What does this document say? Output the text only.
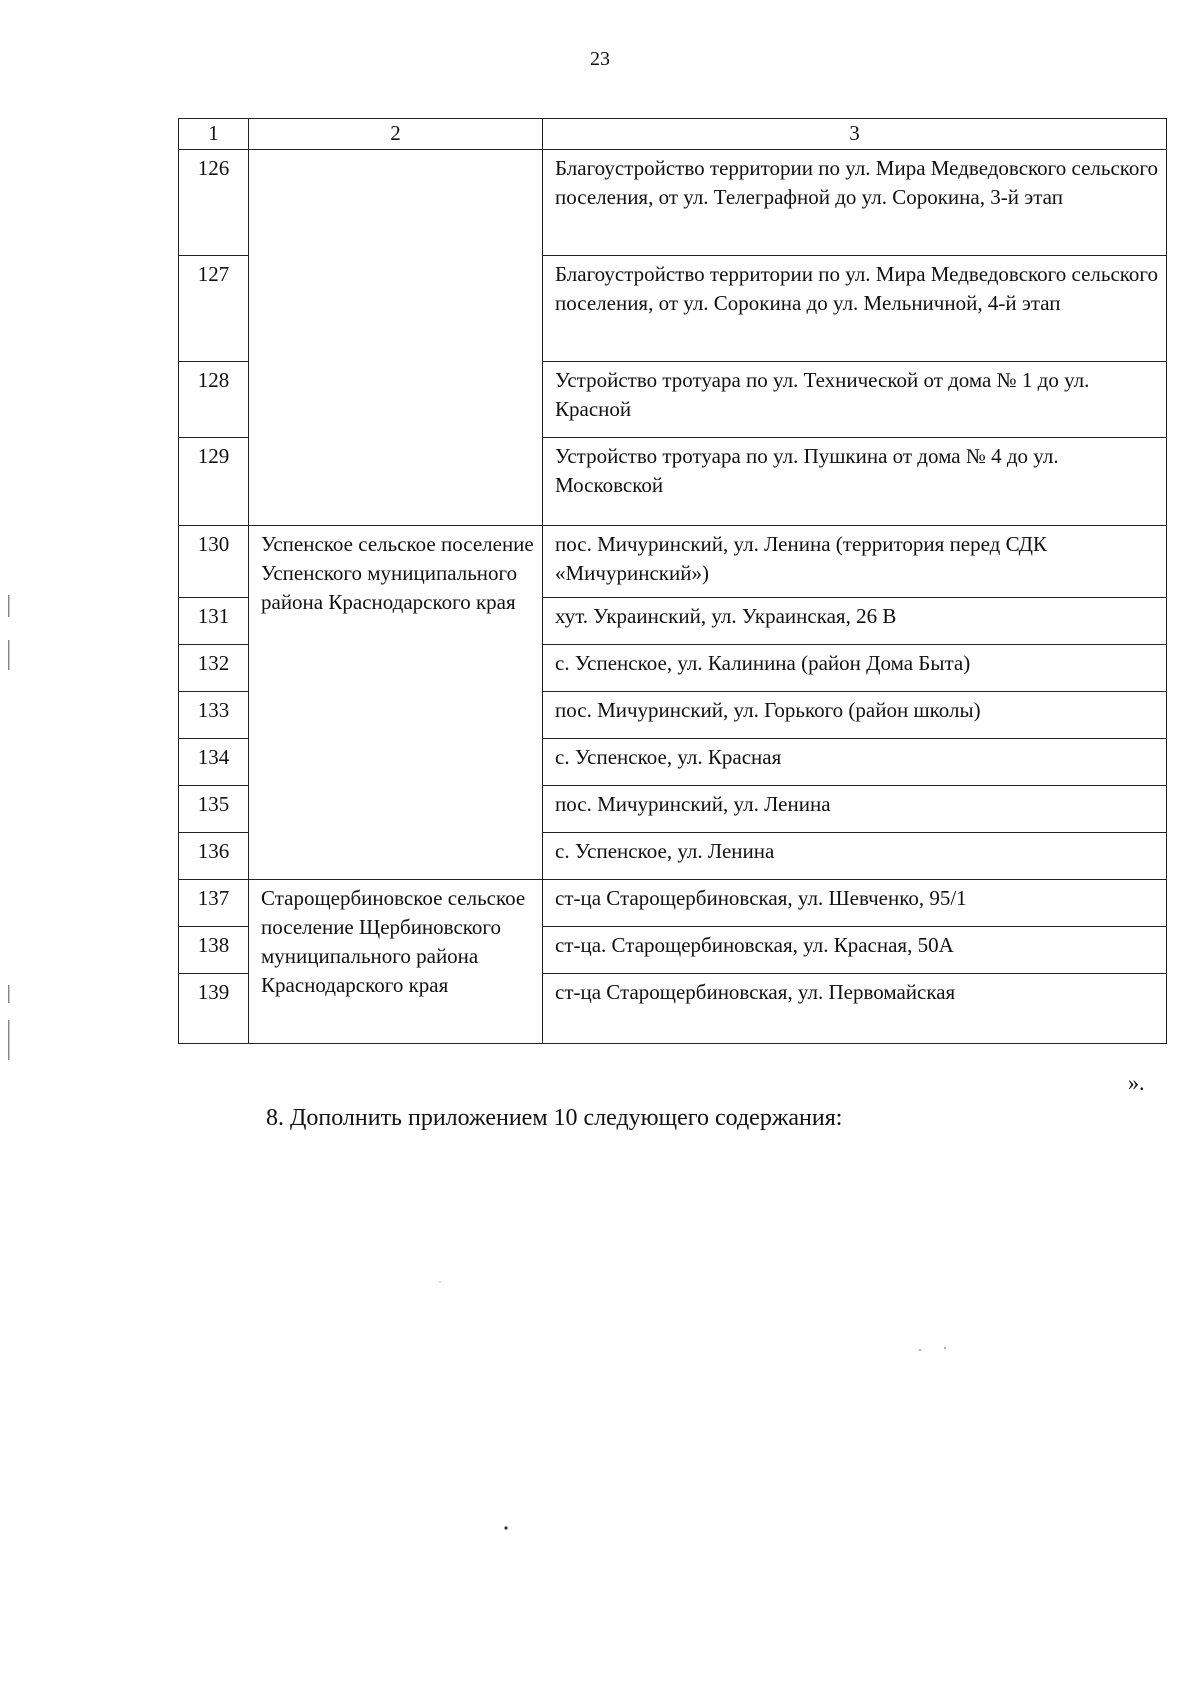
23
1	2	3
126		Благоустройство территории по ул. Мира Медведовского сельского поселения, от ул. Телеграфной до ул. Сорокина, 3-й этап
127		Благоустройство территории по ул. Мира Медведовского сельского поселения, от ул. Сорокина до ул. Мельничной, 4-й этап
128		Устройство тротуара по ул. Технической от дома № 1 до ул. Красной
129		Устройство тротуара по ул. Пушкина от дома № 4 до ул. Московской
130	Успенское сельское поселение Успенского муниципального района Краснодарского края	пос. Мичуринский, ул. Ленина (территория перед СДК «Мичуринский»)
131		хут. Украинский, ул. Украинская, 26 В
132		с. Успенское, ул. Калинина (район Дома Быта)
133		пос. Мичуринский, ул. Горького (район школы)
134		с. Успенское, ул. Красная
135		пос. Мичуринский, ул. Ленина
136		с. Успенское, ул. Ленина
137	Старощербиновское сельское поселение Щербиновского муниципального района Краснодарского края	ст-ца Старощербиновская, ул. Шевченко, 95/1
138		ст-ца. Старощербиновская, ул. Красная, 50А
139		ст-ца Старощербиновская, ул. Первомайская
».
8. Дополнить приложением 10 следующего содержания:
